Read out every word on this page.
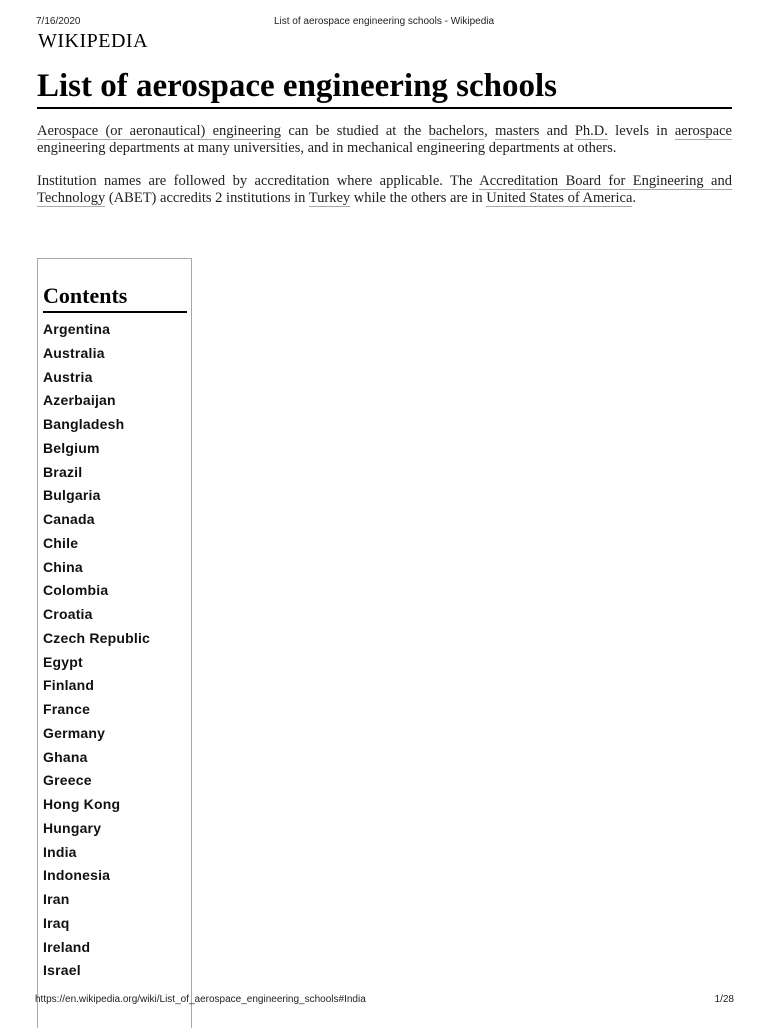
7/16/2020	List of aerospace engineering schools - Wikipedia
WIKIPEDIA
List of aerospace engineering schools

Aerospace (or aeronautical) engineering can be studied at the bachelors, masters and Ph.D. levels in aerospace engineering departments at many universities, and in mechanical engineering departments at others.

Institution names are followed by accreditation where applicable. The Accreditation Board for Engineering and Technology (ABET) accredits 2 institutions in Turkey while the others are in United States of America.

Contents
Argentina
Australia
Austria
Azerbaijan
Bangladesh
Belgium
Brazil
Bulgaria
Canada
Chile
China
Colombia
Croatia
Czech Republic
Egypt
Finland
France
Germany
Ghana
Greece
Hong Kong
Hungary
India
Indonesia
Iran
Iraq
Ireland
Israel
https://en.wikipedia.org/wiki/List_of_aerospace_engineering_schools#India	1/28
